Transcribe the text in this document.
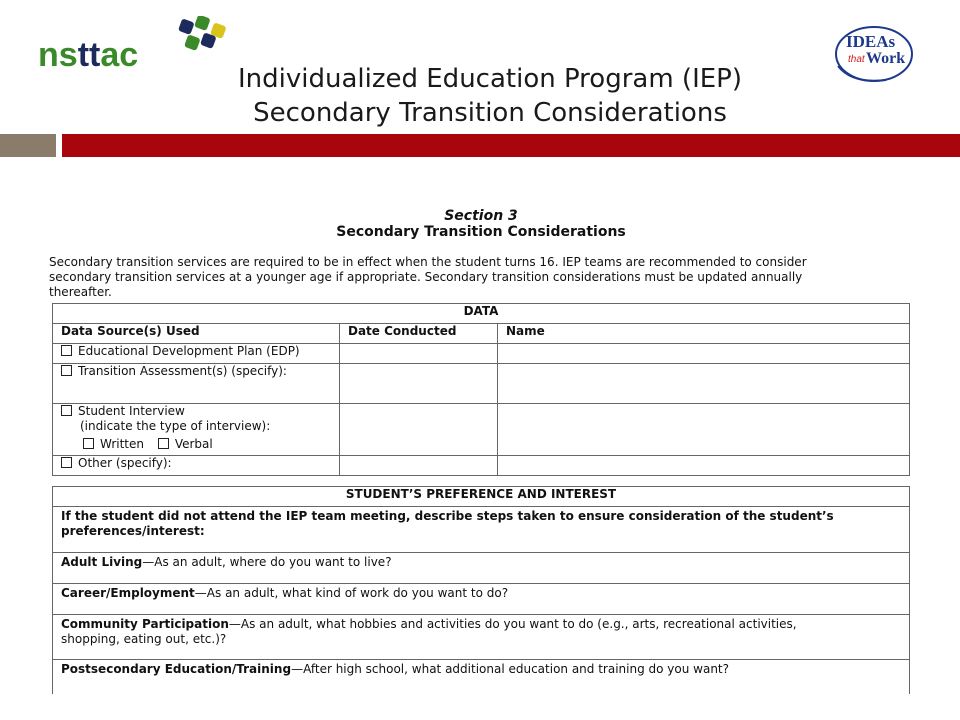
nsttac	IDEAs
that Work
Individualized Education Program (IEP)
Secondary Transition Considerations
Section 3
Secondary Transition Considerations
Secondary transition services are required to be in effect when the student turns 16. IEP teams are recommended to consider
secondary transition services at a younger age if appropriate. Secondary transition considerations must be updated annually
thereafter.
DATA		
Data Source(s) Used	Date Conducted	Name
Educational Development Plan (EDP)		
Transition Assessment(s) (specify):		

Student Interview
(indicate the type of interview):
Written Verbal		

Other (specify):		
STUDENT’S PREFERENCE AND INTEREST

If the student did not attend the IEP team meeting, describe steps taken to ensure consideration of the student’s
preferences/interest:

Adult Living—As an adult, where do you want to live?
Career/Employment—As an adult, what kind of work do you want to do?

Community Participation—As an adult, what hobbies and activities do you want to do (e.g., arts, recreational activities,
shopping, eating out, etc.)?

Postsecondary Education/Training—After high school, what additional education and training do you want?
